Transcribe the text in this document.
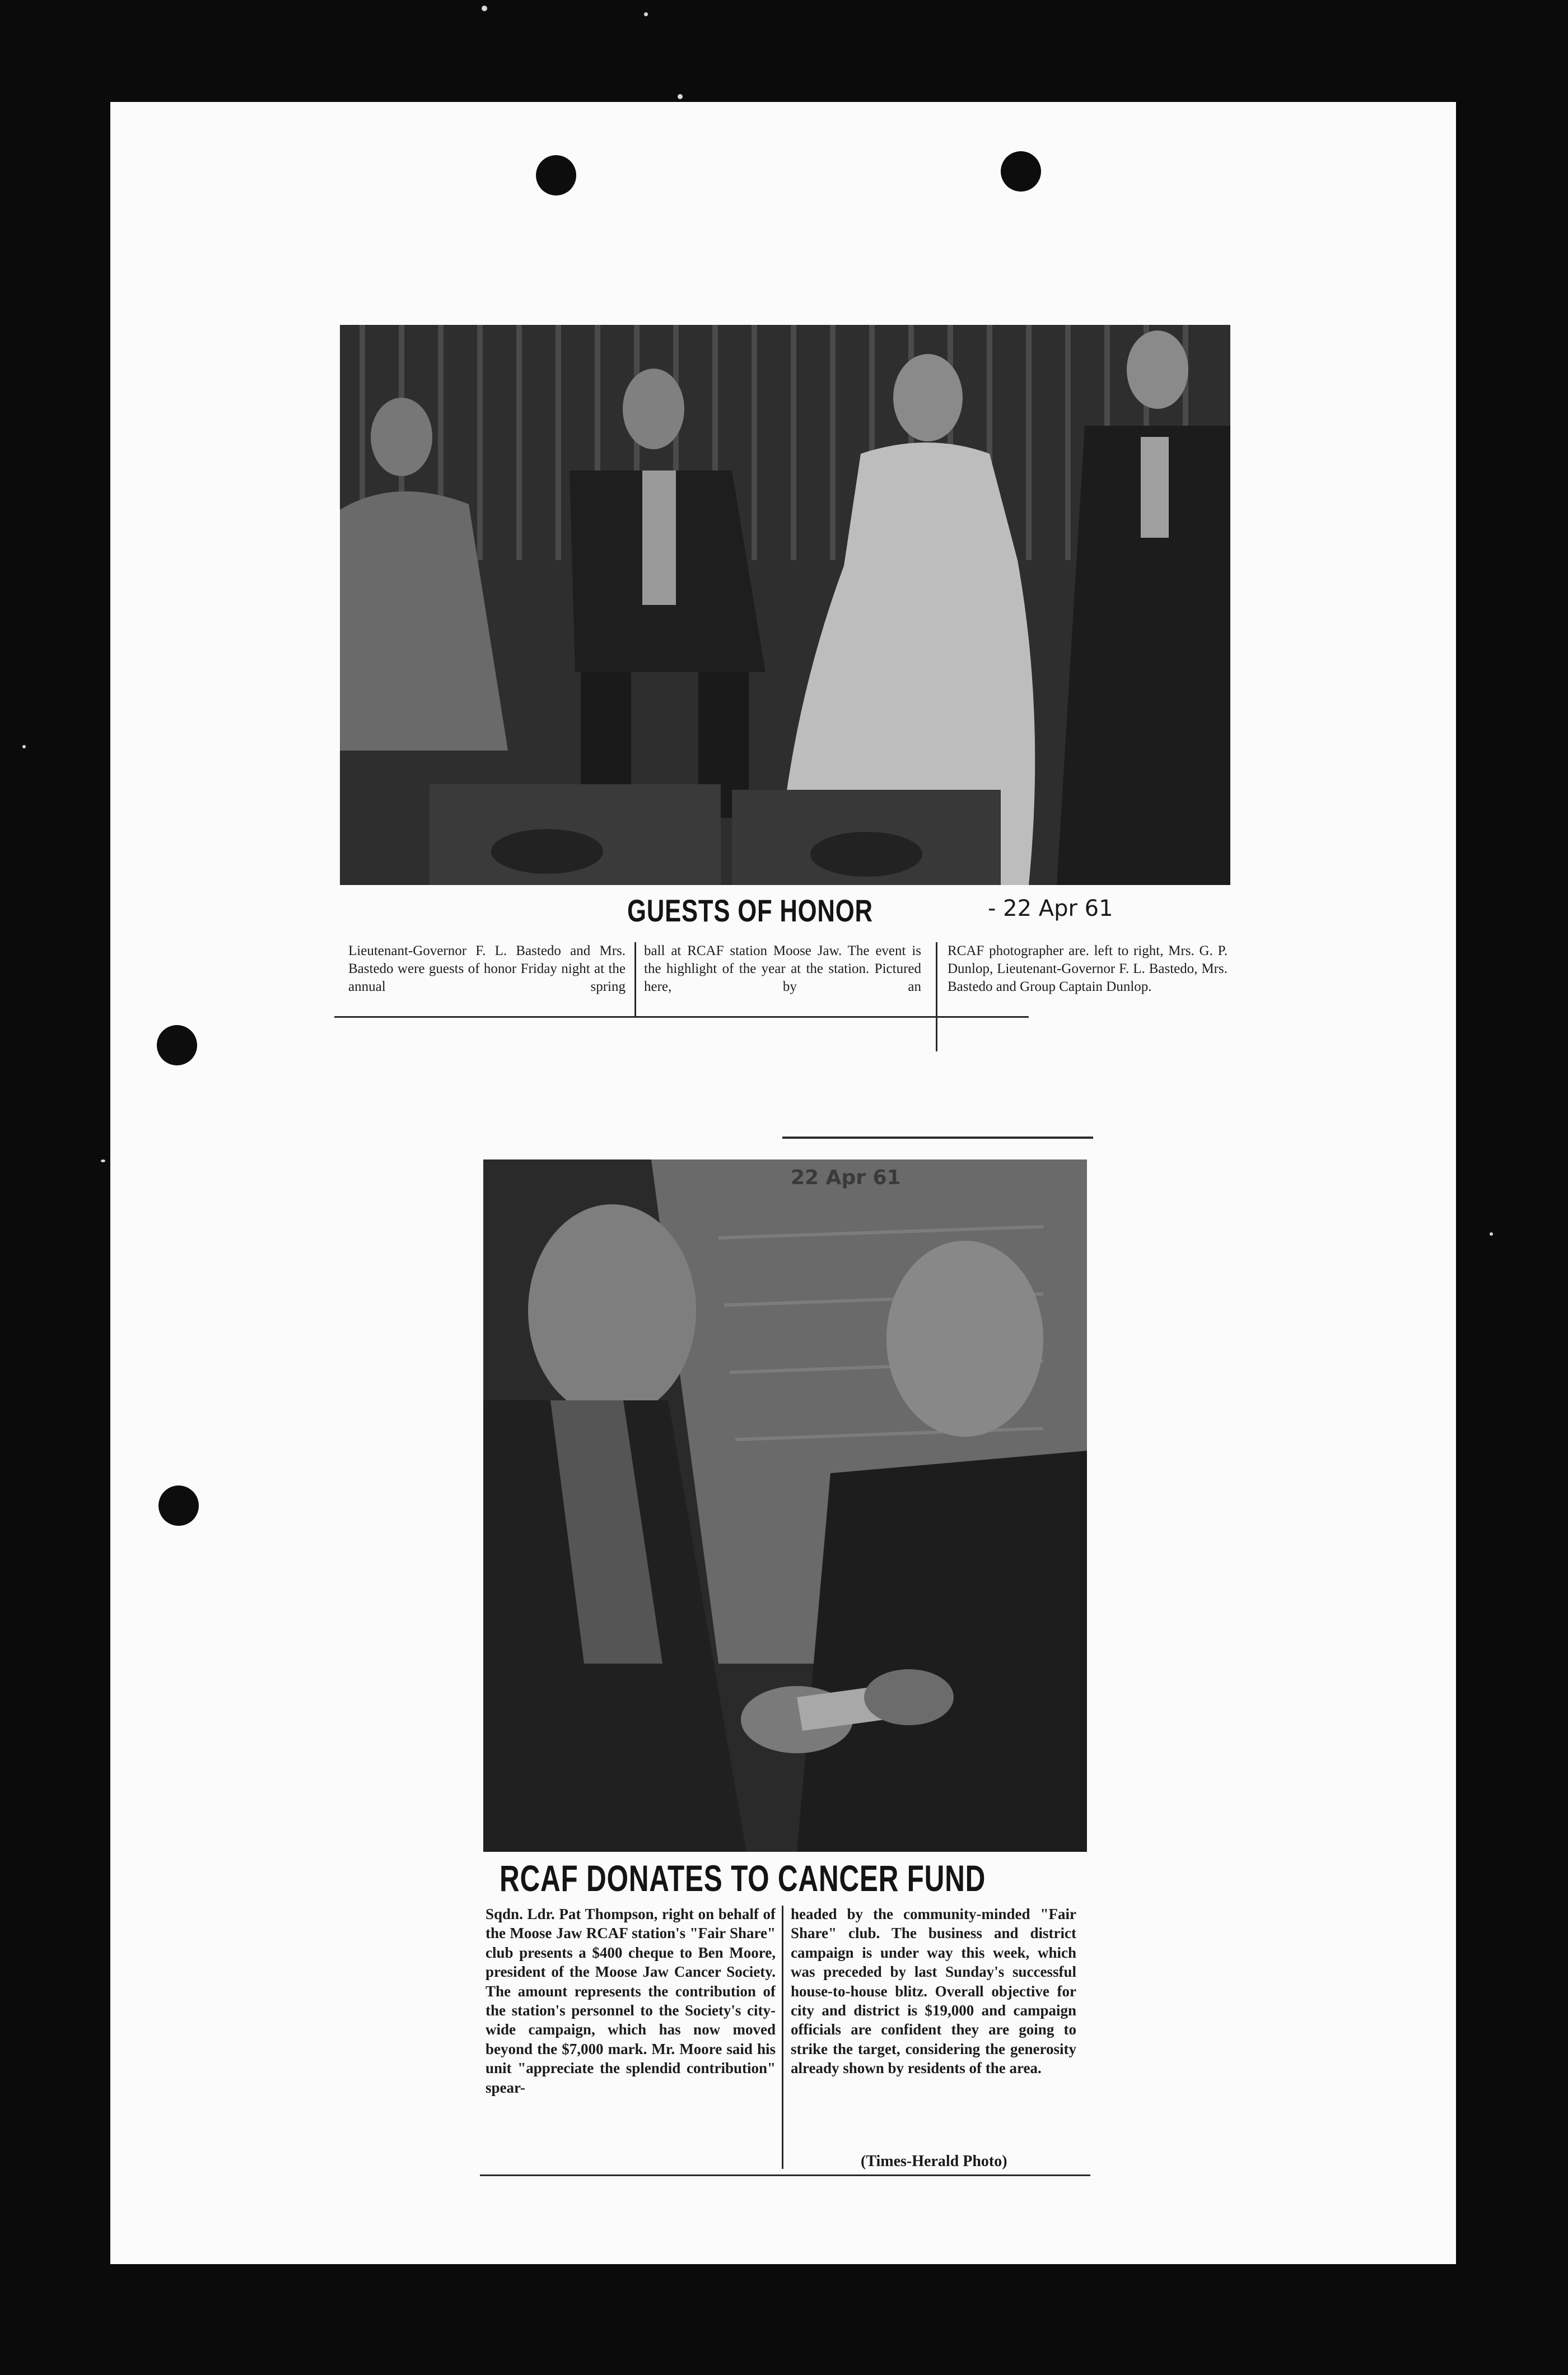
GUESTS OF HONOR	- 22 Apr 61
Lieutenant-Governor F. L. Bastedo and Mrs. Bastedo were guests of honor Friday night at the annual spring
ball at RCAF station Moose Jaw. The event is the highlight of the year at the station. Pictured here, by an
RCAF photographer are. left to right, Mrs. G. P. Dunlop, Lieutenant-Governor F. L. Bastedo, Mrs. Bastedo and Group Captain Dunlop.
22 Apr 61
RCAF DONATES TO CANCER FUND
Sqdn. Ldr. Pat Thompson, right on behalf of the Moose Jaw RCAF station's "Fair Share" club presents a $400 cheque to Ben Moore, president of the Moose Jaw Cancer Society. The amount represents the contribution of the station's personnel to the Society's city-wide campaign, which has now moved beyond the $7,000 mark. Mr. Moore said his unit "appreciate the splendid contribution" spear-
headed by the community-minded "Fair Share" club. The business and district campaign is under way this week, which was preceded by last Sunday's successful house-to-house blitz. Overall objective for city and district is $19,000 and campaign officials are confident they are going to strike the target, considering the generosity already shown by residents of the area.
(Times-Herald Photo)
